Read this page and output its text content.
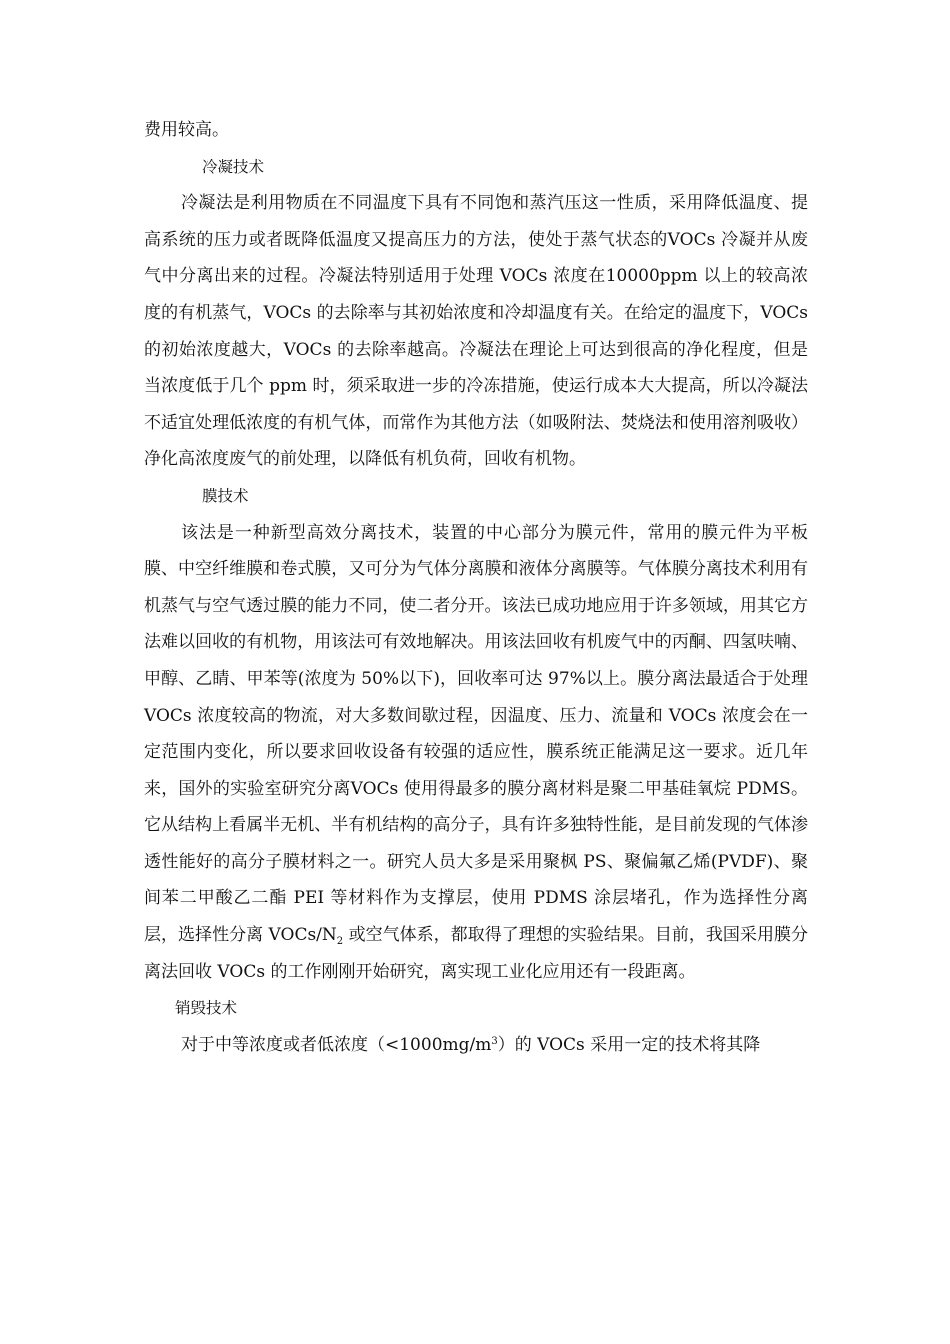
费用较高。

冷凝技术

冷凝法是利用物质在不同温度下具有不同饱和蒸汽压这一性质，采用降低温度、提高系统的压力或者既降低温度又提高压力的方法，使处于蒸气状态的VOCs 冷凝并从废气中分离出来的过程。冷凝法特别适用于处理 VOCs 浓度在10000ppm 以上的较高浓度的有机蒸气，VOCs 的去除率与其初始浓度和冷却温度有关。在给定的温度下，VOCs 的初始浓度越大，VOCs 的去除率越高。冷凝法在理论上可达到很高的净化程度，但是当浓度低于几个 ppm 时，须采取进一步的冷冻措施，使运行成本大大提高，所以冷凝法不适宜处理低浓度的有机气体，而常作为其他方法（如吸附法、焚烧法和使用溶剂吸收）净化高浓度废气的前处理，以降低有机负荷，回收有机物。

膜技术

该法是一种新型高效分离技术，装置的中心部分为膜元件，常用的膜元件为平板膜、中空纤维膜和卷式膜，又可分为气体分离膜和液体分离膜等。气体膜分离技术利用有机蒸气与空气透过膜的能力不同，使二者分开。该法已成功地应用于许多领域，用其它方法难以回收的有机物，用该法可有效地解决。用该法回收有机废气中的丙酮、四氢呋喃、甲醇、乙睛、甲苯等(浓度为 50%以下)，回收率可达 97%以上。膜分离法最适合于处理 VOCs 浓度较高的物流，对大多数间歇过程，因温度、压力、流量和 VOCs 浓度会在一定范围内变化，所以要求回收设备有较强的适应性，膜系统正能满足这一要求。近几年来，国外的实验室研究分离VOCs 使用得最多的膜分离材料是聚二甲基硅氧烷 PDMS。它从结构上看属半无机、半有机结构的高分子，具有许多独特性能，是目前发现的气体渗透性能好的高分子膜材料之一。研究人员大多是采用聚枫 PS、聚偏氟乙烯(PVDF)、聚间苯二甲酸乙二酯 PEI 等材料作为支撑层，使用 PDMS 涂层堵孔，作为选择性分离层，选择性分离 VOCs/$N_2$ 或空气体系，都取得了理想的实验结果。目前，我国采用膜分离法回收 VOCs 的工作刚刚开始研究，离实现工业化应用还有一段距离。

销毁技术

对于中等浓度或者低浓度$(<1000mg/m^3)$的 VOCs 采用一定的技术将其降
